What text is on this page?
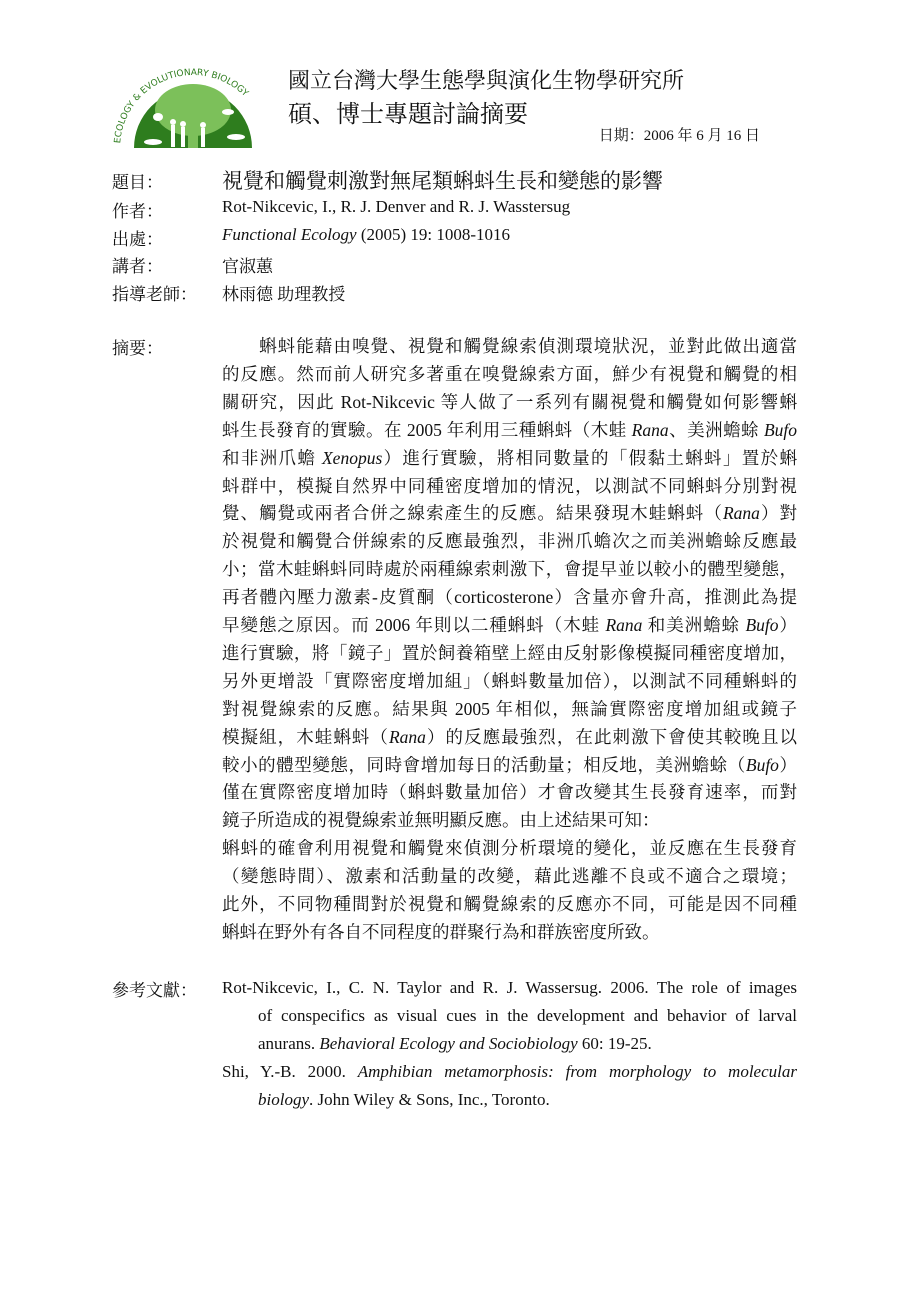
ECOLOGY & EVOLUTIONARY BIOLOGY
國立台灣大學生態學與演化生物學研究所
碩、博士專題討論摘要
日期：2006 年 6 月 16 日
摘要：
參考文獻：
題目：	視覺和觸覺刺激對無尾類蝌蚪生長和變態的影響
作者：	Rot-Nikcevic, I., R. J. Denver and R. J. Wasstersug
出處：	Functional Ecology (2005) 19: 1008-1016
講者：	官淑蕙
指導老師： 林雨德 助理教授
　　蝌蚪能藉由嗅覺、視覺和觸覺線索偵測環境狀況，並對此做出適當
的反應。然而前人研究多著重在嗅覺線索方面，鮮少有視覺和觸覺的相
關研究，因此 Rot-Nikcevic 等人做了一系列有關視覺和觸覺如何影響蝌
蚪生長發育的實驗。在 2005 年利用三種蝌蚪（木蛙 Rana、美洲蟾蜍 Bufo
和非洲爪蟾 Xenopus）進行實驗，將相同數量的「假黏土蝌蚪」置於蝌
蚪群中，模擬自然界中同種密度增加的情況，以測試不同蝌蚪分別對視
覺、觸覺或兩者合併之線索產生的反應。結果發現木蛙蝌蚪（Rana）對
於視覺和觸覺合併線索的反應最強烈，非洲爪蟾次之而美洲蟾蜍反應最
小；當木蛙蝌蚪同時處於兩種線索刺激下，會提早並以較小的體型變態，
再者體內壓力激素-皮質酮（corticosterone）含量亦會升高，推測此為提
早變態之原因。而 2006 年則以二種蝌蚪（木蛙 Rana 和美洲蟾蜍 Bufo）
進行實驗，將「鏡子」置於飼養箱壁上經由反射影像模擬同種密度增加，
另外更增設「實際密度增加組」（蝌蚪數量加倍），以測試不同種蝌蚪的
對視覺線索的反應。結果與 2005 年相似，無論實際密度增加組或鏡子
模擬組，木蛙蝌蚪（Rana）的反應最強烈，在此刺激下會使其較晚且以
較小的體型變態，同時會增加每日的活動量；相反地，美洲蟾蜍（Bufo）
僅在實際密度增加時（蝌蚪數量加倍）才會改變其生長發育速率，而對
鏡子所造成的視覺線索並無明顯反應。由上述結果可知：
蝌蚪的確會利用視覺和觸覺來偵測分析環境的變化，並反應在生長發育
（變態時間）、激素和活動量的改變，藉此逃離不良或不適合之環境；
此外，不同物種間對於視覺和觸覺線索的反應亦不同，可能是因不同種
蝌蚪在野外有各自不同程度的群聚行為和群族密度所致。
Rot-Nikcevic, I., C. N. Taylor and R. J. Wassersug. 2006. The role of images
of conspecifics as visual cues in the development and behavior of larval
anurans. Behavioral Ecology and Sociobiology 60: 19-25.
Shi, Y.-B. 2000. Amphibian metamorphosis: from morphology to molecular
biology. John Wiley & Sons, Inc., Toronto.
